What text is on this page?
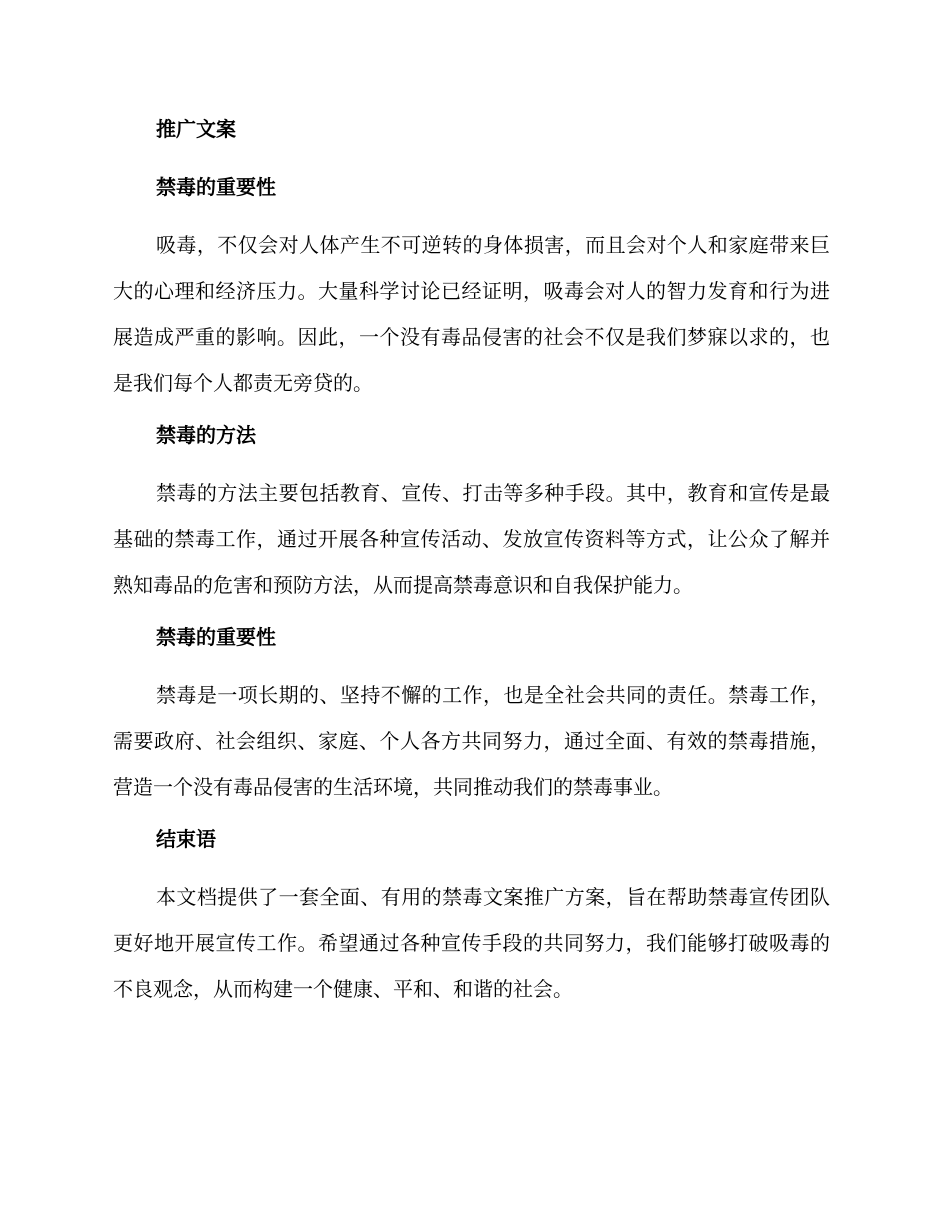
推广文案
禁毒的重要性

吸毒，不仅会对人体产生不可逆转的身体损害，而且会对个人和家庭带来巨大的心理和经济压力。大量科学讨论已经证明，吸毒会对人的智力发育和行为进展造成严重的影响。因此，一个没有毒品侵害的社会不仅是我们梦寐以求的，也是我们每个人都责无旁贷的。

禁毒的方法

禁毒的方法主要包括教育、宣传、打击等多种手段。其中，教育和宣传是最基础的禁毒工作，通过开展各种宣传活动、发放宣传资料等方式，让公众了解并熟知毒品的危害和预防方法，从而提高禁毒意识和自我保护能力。

禁毒的重要性

禁毒是一项长期的、坚持不懈的工作，也是全社会共同的责任。禁毒工作，需要政府、社会组织、家庭、个人各方共同努力，通过全面、有效的禁毒措施，营造一个没有毒品侵害的生活环境，共同推动我们的禁毒事业。

结束语

本文档提供了一套全面、有用的禁毒文案推广方案，旨在帮助禁毒宣传团队更好地开展宣传工作。希望通过各种宣传手段的共同努力，我们能够打破吸毒的不良观念，从而构建一个健康、平和、和谐的社会。
